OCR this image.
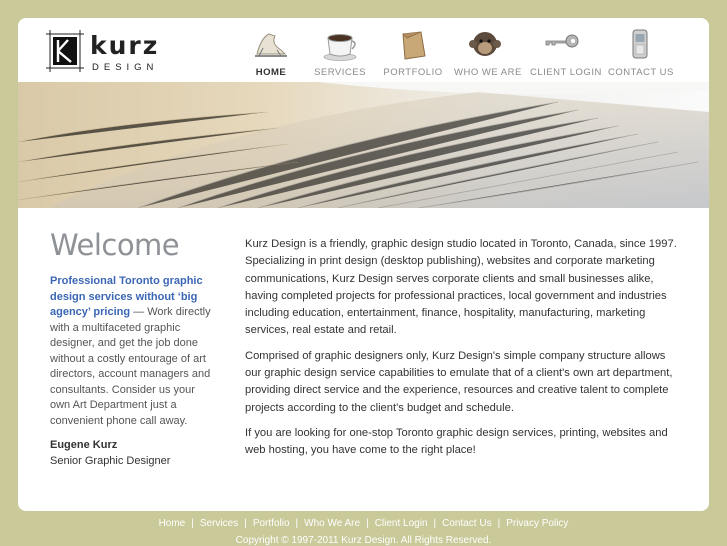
kurz
DESIGN	HOME	SERVICES PORTFOLIO WHO WE ARE CLIENT LOGIN CONTACT US
Welcome
Professional Toronto graphic design services without ‘big agency’ pricing — Work directly with a multifaceted graphic designer, and get the job done without a costly entourage of art directors, account managers and consultants. Consider us your own Art Department just a convenient phone call away.
Eugene Kurz
Senior Graphic Designer

Kurz Design is a friendly, graphic design studio located in Toronto, Canada, since 1997. Specializing in print design (desktop publishing), websites and corporate marketing communications, Kurz Design serves corporate clients and small businesses alike, having completed projects for professional practices, local government and industries including education, entertainment, finance, hospitality, manufacturing, marketing services, real estate and retail.

Comprised of graphic designers only, Kurz Design's simple company structure allows our graphic design service capabilities to emulate that of a client's own art department, providing direct service and the experience, resources and creative talent to complete projects according to the client's budget and schedule.

If you are looking for one-stop Toronto graphic design services, printing, websites and web hosting, you have come to the right place!

Home | Services | Portfolio | Who We Are | Client Login | Contact Us | Privacy Policy
Copyright © 1997-2011 Kurz Design. All Rights Reserved.
